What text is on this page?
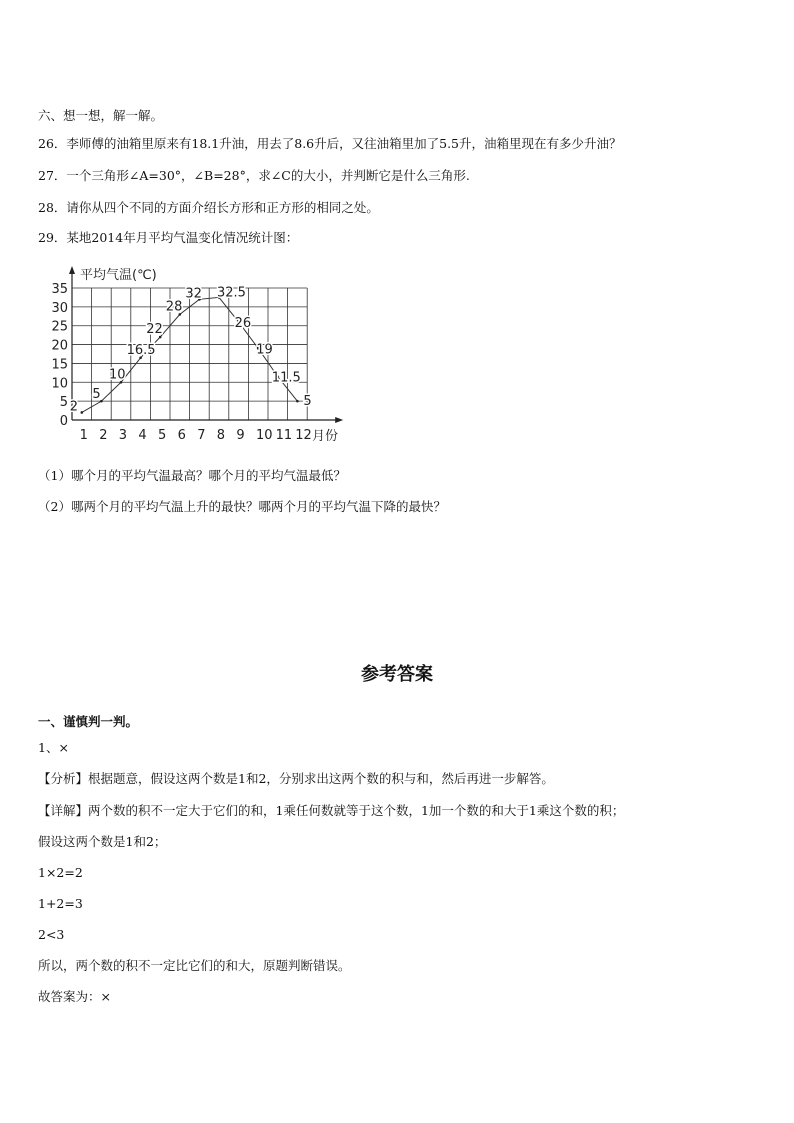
六、想一想，解一解。
26．李师傅的油箱里原来有18.1升油，用去了8.6升后，又往油箱里加了5.5升，油箱里现在有多少升油？
27．一个三角形∠A=30°，∠B=28°，求∠C的大小，并判断它是什么三角形.
28．请你从四个不同的方面介绍长方形和正方形的相同之处。
29．某地2014年月平均气温变化情况统计图：
0
5
10
15
20
25
30
35
1 2 3 4 5 6 7 8 9 10 11 12
2
5
10
16.5
22
28
32 32.5
26
19
11.5
5
平均气温(℃)
月份
（1）哪个月的平均气温最高？哪个月的平均气温最低？
（2）哪两个月的平均气温上升的最快？哪两个月的平均气温下降的最快？
参考答案
一、谨慎判一判。
1、×
【分析】根据题意，假设这两个数是1和2，分别求出这两个数的积与和，然后再进一步解答。
【详解】两个数的积不一定大于它们的和，1乘任何数就等于这个数，1加一个数的和大于1乘这个数的积；
假设这两个数是1和2；
1×2=2
1+2=3
2<3
所以，两个数的积不一定比它们的和大，原题判断错误。
故答案为：×
